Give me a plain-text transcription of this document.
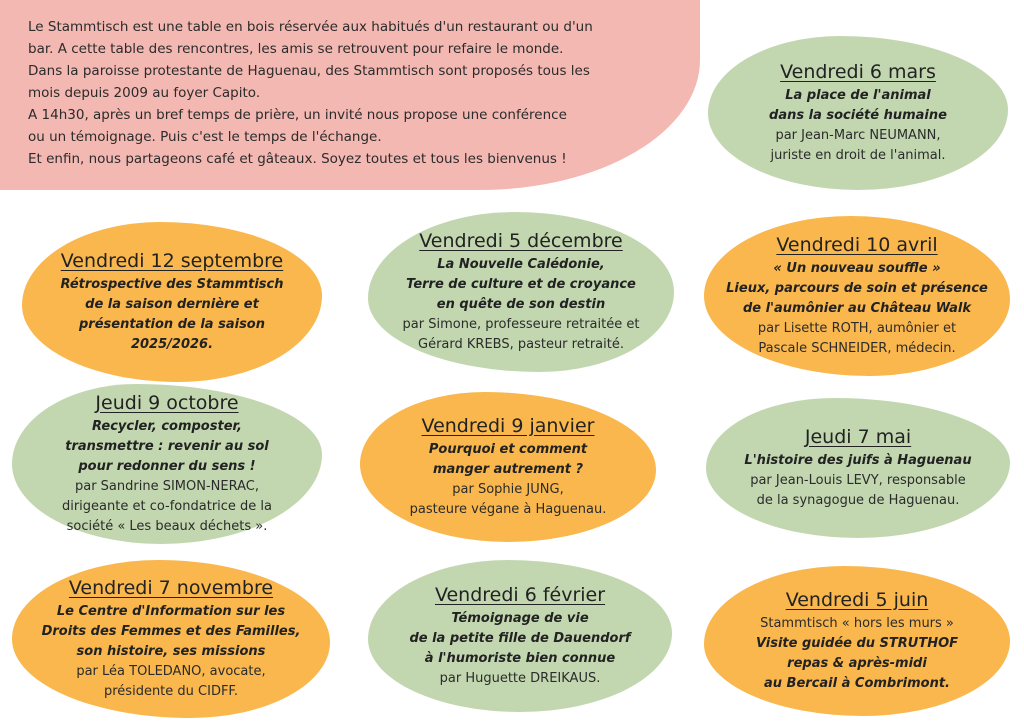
Le Stammtisch est une table en bois réservée aux habitués d'un restaurant ou d'un
bar. A cette table des rencontres, les amis se retrouvent pour refaire le monde.
Dans la paroisse protestante de Haguenau, des Stammtisch sont proposés tous les
mois depuis 2009 au foyer Capito.
A 14h30, après un bref temps de prière, un invité nous propose une conférence
ou un témoignage. Puis c'est le temps de l'échange.
Et enfin, nous partageons café et gâteaux. Soyez toutes et tous les bienvenus !

Vendredi 12 septembre
Rétrospective des Stammtisch
de la saison dernière et
présentation de la saison
2025/2026.
Jeudi 9 octobre
Recycler, composter,
transmettre : revenir au sol
pour redonner du sens !
par Sandrine SIMON-NERAC,
dirigeante et co-fondatrice de la
société « Les beaux déchets ».
Vendredi 7 novembre
Le Centre d'Information sur les
Droits des Femmes et des Familles,
son histoire, ses missions
par Léa TOLEDANO, avocate,
présidente du CIDFF.
Vendredi 5 décembre
La Nouvelle Calédonie,
Terre de culture et de croyance
en quête de son destin
par Simone, professeure retraitée et
Gérard KREBS, pasteur retraité.
Vendredi 9 janvier
Pourquoi et comment
manger autrement ?
par Sophie JUNG,
pasteure végane à Haguenau.
Vendredi 6 février
Témoignage de vie
de la petite fille de Dauendorf
à l'humoriste bien connue
par Huguette DREIKAUS.
Vendredi 6 mars
La place de l'animal
dans la société humaine
par Jean-Marc NEUMANN,
juriste en droit de l'animal.
Vendredi 10 avril
« Un nouveau souffle »
Lieux, parcours de soin et présence
de l'aumônier au Château Walk
par Lisette ROTH, aumônier et
Pascale SCHNEIDER, médecin.
Jeudi 7 mai
L'histoire des juifs à Haguenau
par Jean-Louis LEVY, responsable
de la synagogue de Haguenau.
Vendredi 5 juin
Stammtisch « hors les murs »
Visite guidée du STRUTHOF
repas & après-midi
au Bercail à Combrimont.
